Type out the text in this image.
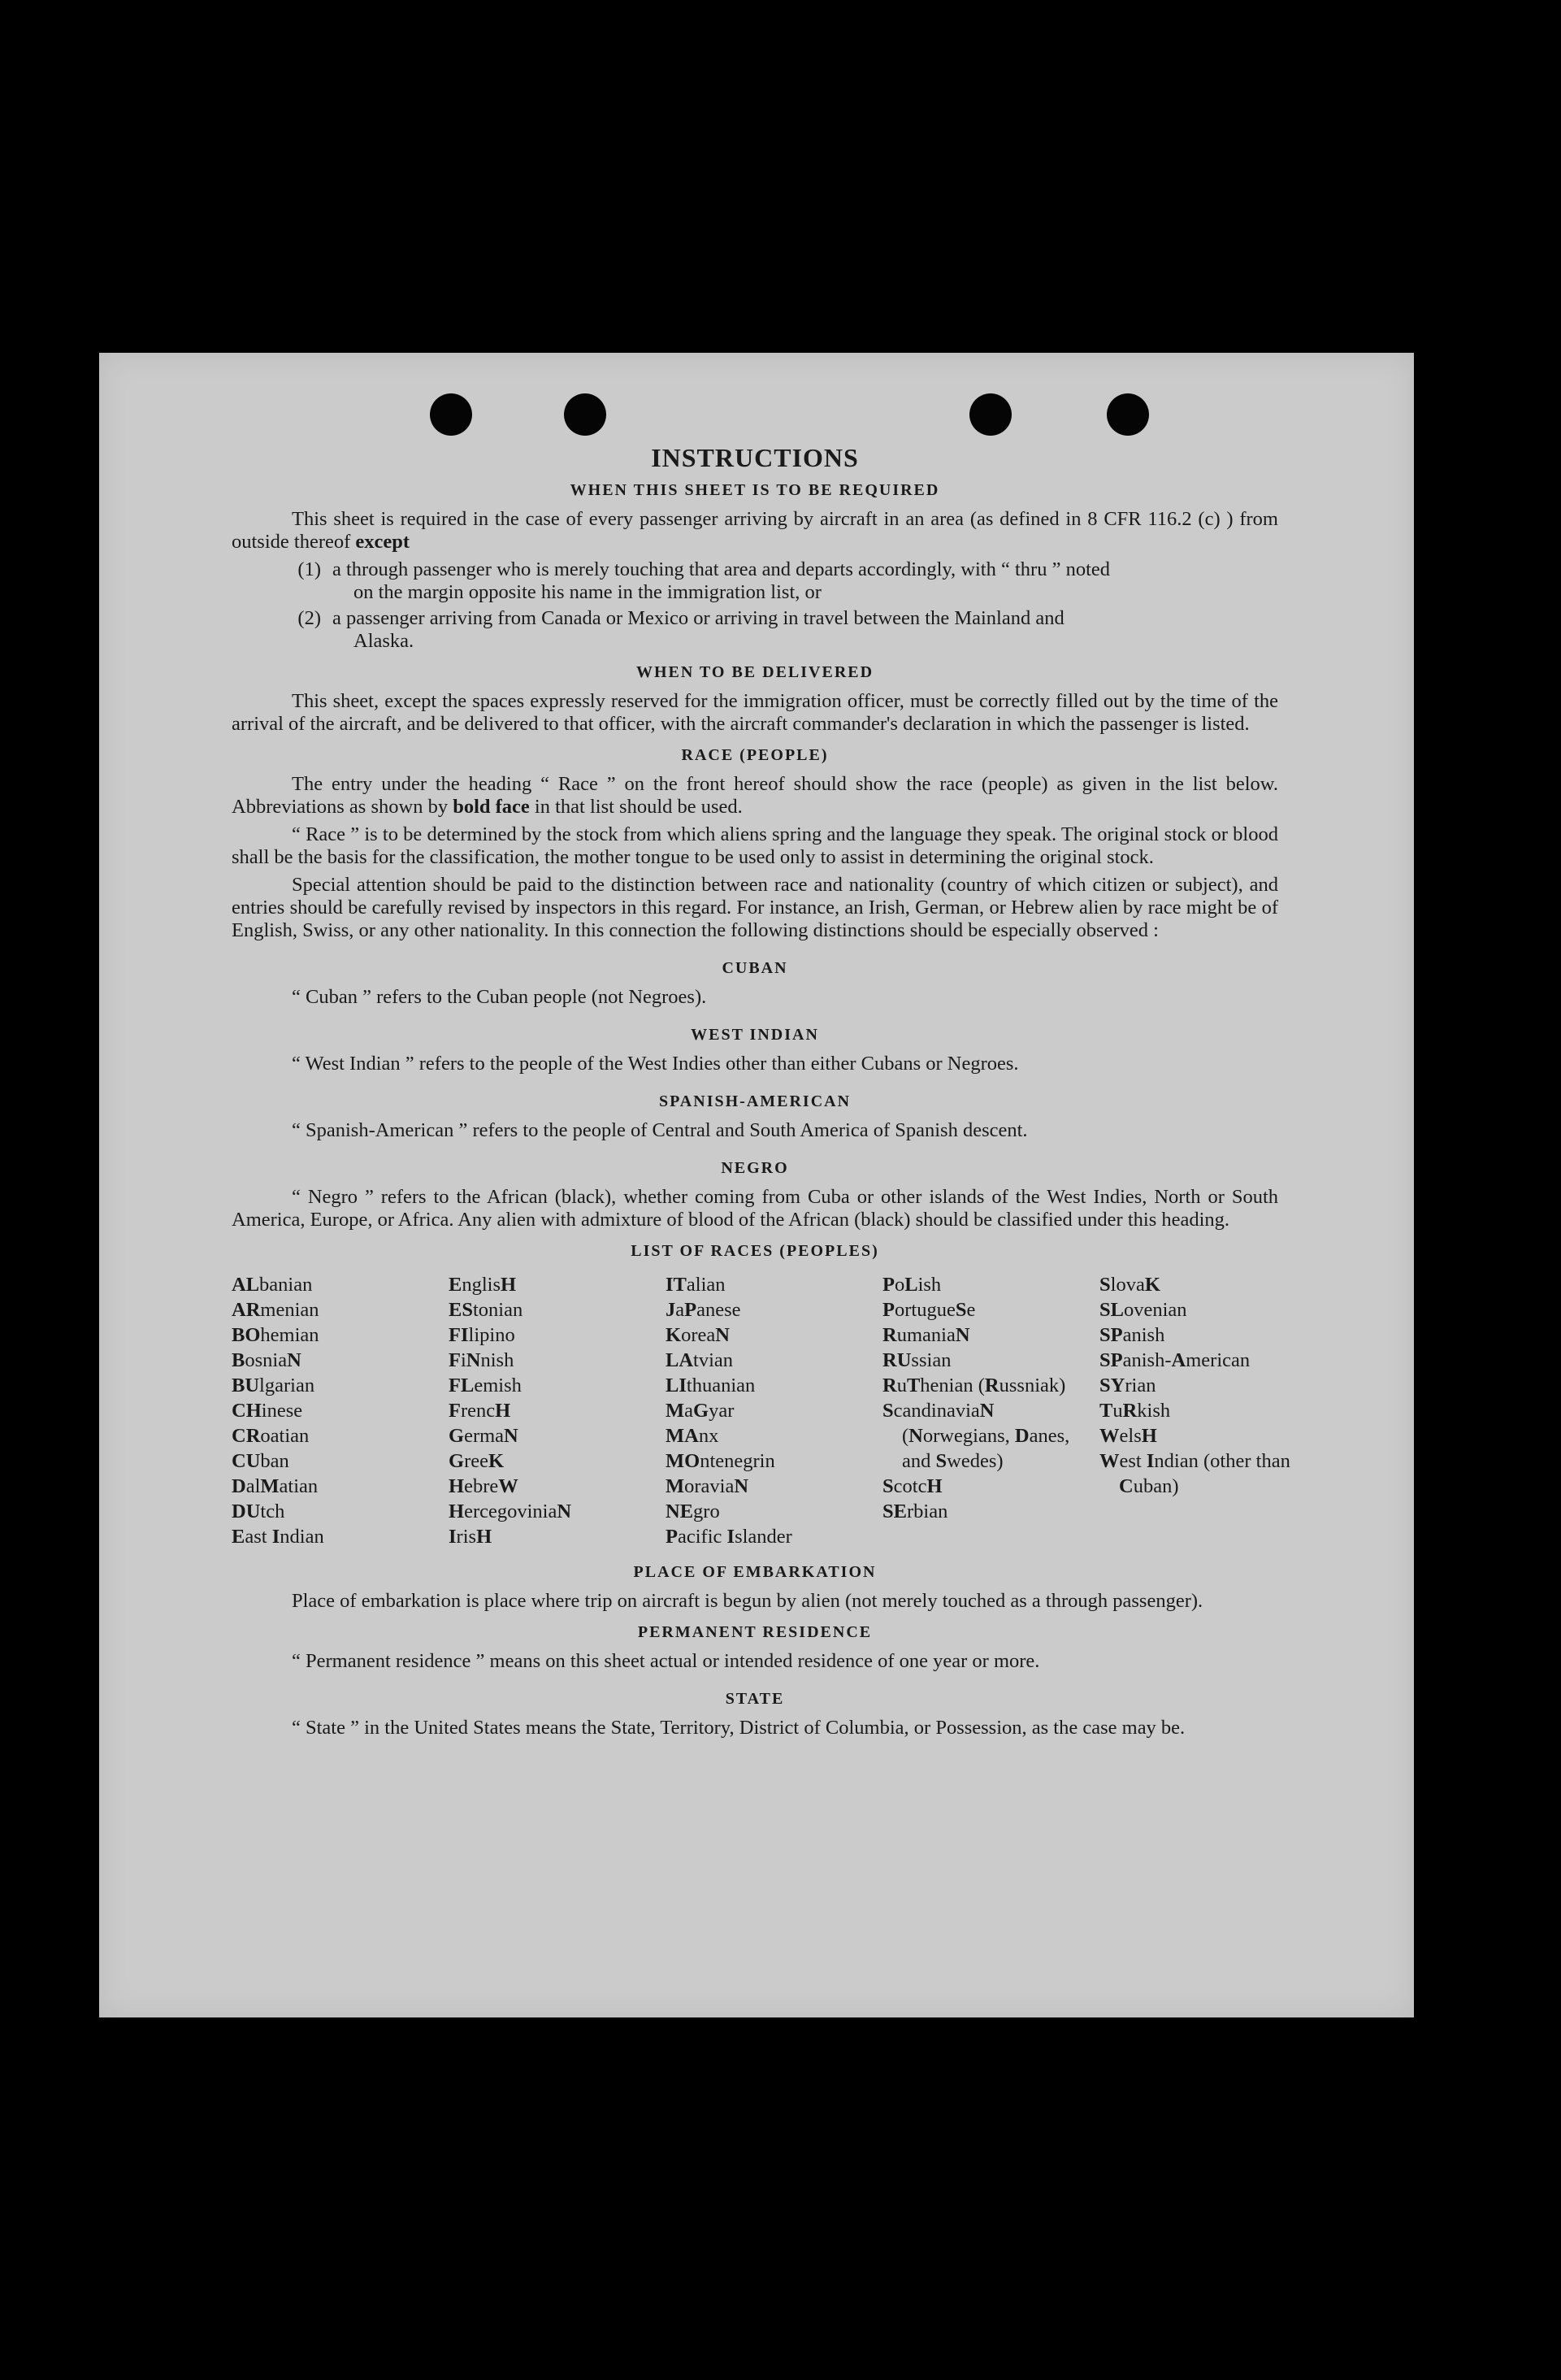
INSTRUCTIONS
WHEN THIS SHEET IS TO BE REQUIRED

This sheet is required in the case of every passenger arriving by aircraft in an area (as defined in 8 CFR 116.2 (c) ) from outside thereof except

(1) a through passenger who is merely touching that area and departs accordingly, with “ thru ” noted
on the margin opposite his name in the immigration list, or
(2) a passenger arriving from Canada or Mexico or arriving in travel between the Mainland and
Alaska.
WHEN TO BE DELIVERED

This sheet, except the spaces expressly reserved for the immigration officer, must be correctly filled out by the time of the arrival of the aircraft, and be delivered to that officer, with the aircraft commander's declaration in which the passenger is listed.

RACE (PEOPLE)

The entry under the heading “ Race ” on the front hereof should show the race (people) as given in the list below. Abbreviations as shown by bold face in that list should be used.

“ Race ” is to be determined by the stock from which aliens spring and the language they speak. The original stock or blood shall be the basis for the classification, the mother tongue to be used only to assist in determining the original stock.

Special attention should be paid to the distinction between race and nationality (country of which citizen or subject), and entries should be carefully revised by inspectors in this regard. For instance, an Irish, German, or Hebrew alien by race might be of English, Swiss, or any other nationality. In this connection the following distinctions should be especially observed :

CUBAN

“ Cuban ” refers to the Cuban people (not Negroes).

WEST INDIAN

“ West Indian ” refers to the people of the West Indies other than either Cubans or Negroes.

SPANISH-AMERICAN

“ Spanish-American ” refers to the people of Central and South America of Spanish descent.

NEGRO

“ Negro ” refers to the African (black), whether coming from Cuba or other islands of the West Indies, North or South America, Europe, or Africa. Any alien with admixture of blood of the African (black) should be classified under this heading.

LIST OF RACES (PEOPLES)
ALbanian
ARmenian
BOhemian
BosniaN
BUlgarian
CHinese
CRoatian
CUban
DalMatian
DUtch
East Indian
EnglisH
EStonian
FIlipino
FiNnish
FLemish
FrencH
GermaN
GreeK
HebreW
HercegoviniaN
IrisH
ITalian
JaPanese
KoreaN
LAtvian
LIthuanian
MaGyar
MAnx
MOntenegrin
MoraviaN
NEgro
Pacific Islander
PoLish
PortugueSe
RumaniaN
RUssian
RuThenian (Russniak)
ScandinaviaN (Norwegians, Danes, and Swedes)
ScotcH
SErbian
SlovaK
SLovenian
SPanish
SPanish-American
SYrian
TuRkish
WelsH
West Indian (other than Cuban)
PLACE OF EMBARKATION

Place of embarkation is place where trip on aircraft is begun by alien (not merely touched as a through passenger).

PERMANENT RESIDENCE

“ Permanent residence ” means on this sheet actual or intended residence of one year or more.

STATE

“ State ” in the United States means the State, Territory, District of Columbia, or Possession, as the case may be.
